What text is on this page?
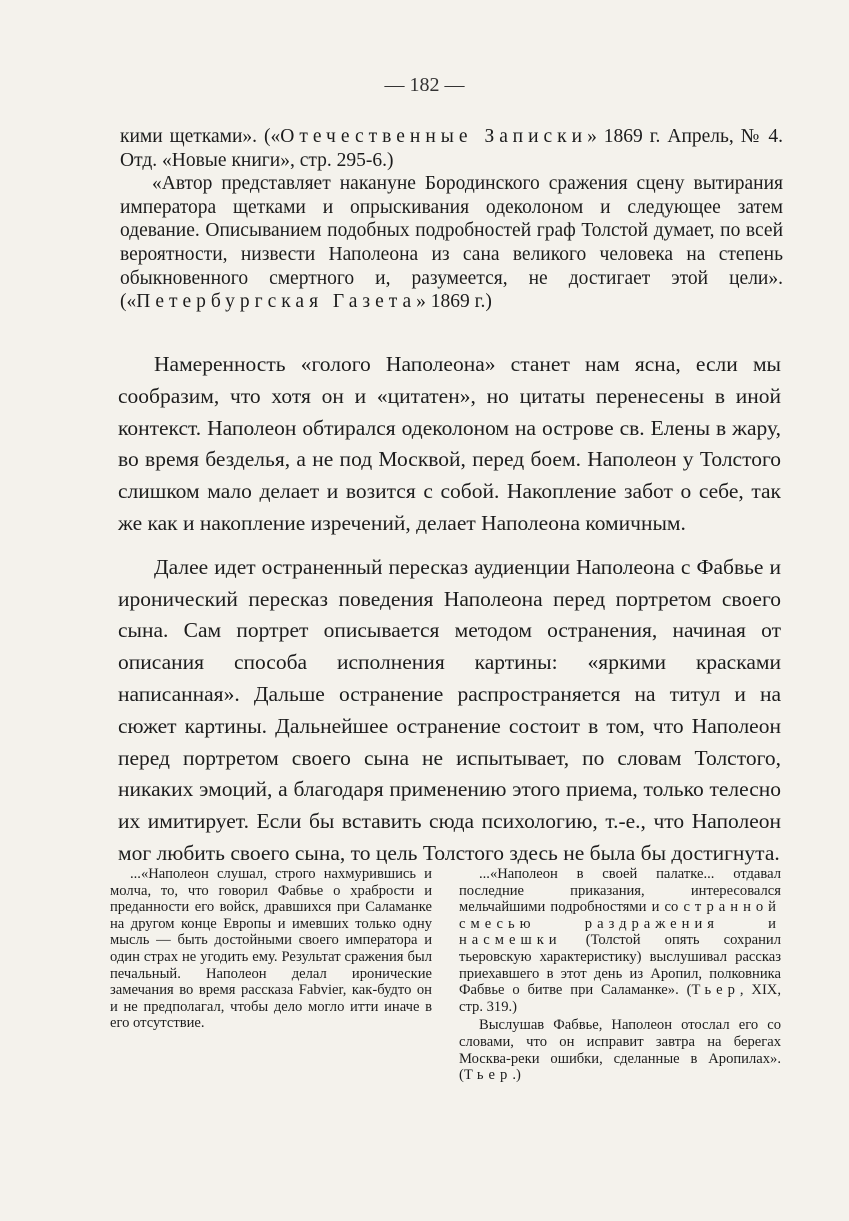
— 182 —

кими щетками». («Отечественные Записки» 1869 г. Апрель, № 4. Отд. «Новые книги», стр. 295-6.)

«Автор представляет накануне Бородинского сражения сцену вытирания императора щетками и опрыскивания одеколоном и следующее затем одевание. Описыванием подобных подробностей граф Толстой думает, по всей вероятности, низвести Наполеона из сана великого человека на степень обыкновенного смертного и, разумеется, не достигает этой цели». («Петербургская Газета» 1869 г.)

Намеренность «голого Наполеона» станет нам ясна, если мы сообразим, что хотя он и «цитатен», но цитаты перенесены в иной контекст. Наполеон обтирался одеколоном на острове св. Елены в жару, во время безделья, а не под Москвой, перед боем. Наполеон у Толстого слишком мало делает и возится с собой. Накопление забот о себе, так же как и накопление изречений, делает Наполеона комичным.

Далее идет остраненный пересказ аудиенции Наполеона с Фабвье и иронический пересказ поведения Наполеона перед портретом своего сына. Сам портрет описывается методом остранения, начиная от описания способа исполнения картины: «яркими красками написанная». Дальше остранение распространяется на титул и на сюжет картины. Дальнейшее остранение состоит в том, что Наполеон перед портретом своего сына не испытывает, по словам Толстого, никаких эмоций, а благодаря применению этого приема, только телесно их имитирует. Если бы вставить сюда психологию, т.-е., что Наполеон мог любить своего сына, то цель Толстого здесь не была бы достигнута.

...«Наполеон слушал, строго нахмурившись и молча, то, что говорил Фабвье о храбрости и преданности его войск, дравшихся при Саламанке на другом конце Европы и имевших только одну мысль — быть достойными своего императора и один страх не угодить ему. Результат сражения был печальный. Наполеон делал иронические замечания во время рассказа Fabvier, как-будто он и не предполагал, чтобы дело могло итти иначе в его отсутствие.

...«Наполеон в своей палатке... отдавал последние приказания, интересовался мельчайшими подробностями и со странной смесью раздражения и насмешки (Толстой опять сохранил тьеровскую характеристику) выслушивал рассказ приехавшего в этот день из Аропил, полковника Фабвье о битве при Саламанке». (Тьер, XIX, стр. 319.)

Выслушав Фабвье, Наполеон отослал его со словами, что он исправит завтра на берегах Москва-реки ошибки, сделанные в Аропилах». (Тьер.)
